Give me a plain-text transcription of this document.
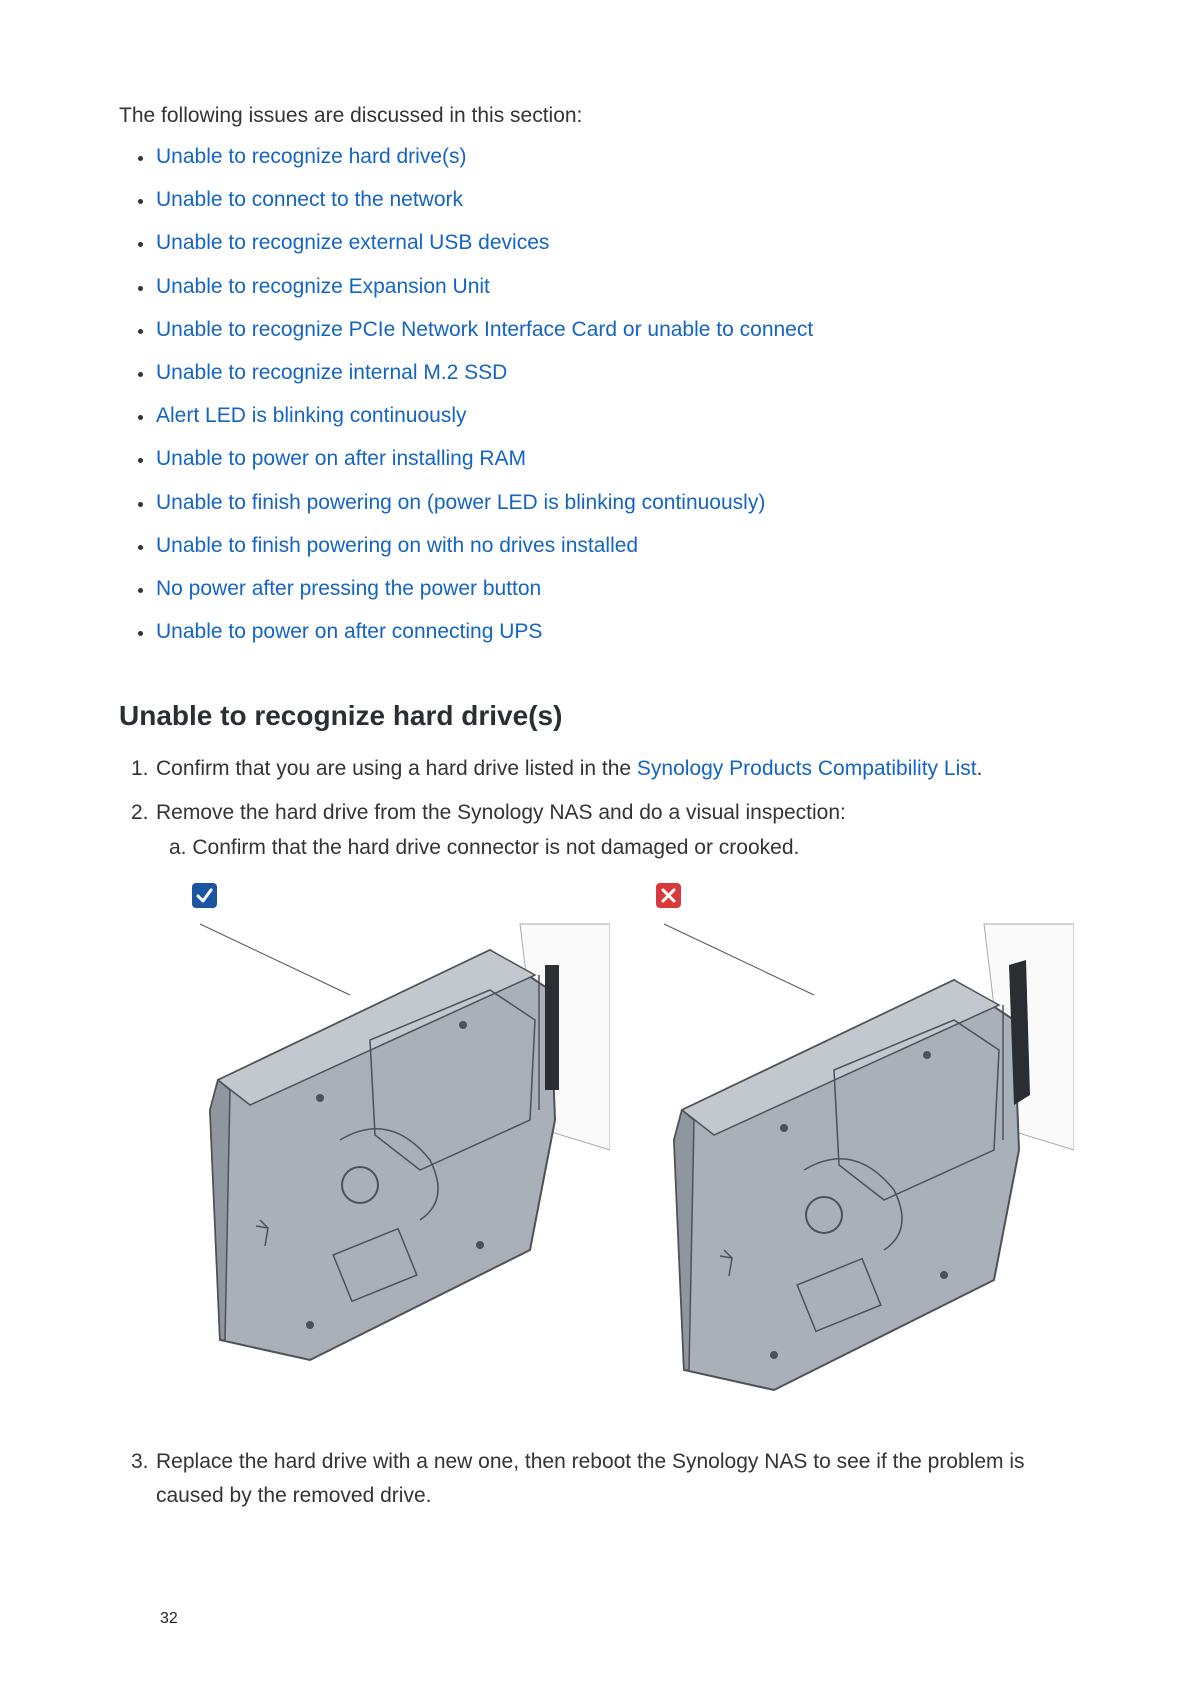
The following issues are discussed in this section:

Unable to recognize hard drive(s)
Unable to connect to the network
Unable to recognize external USB devices
Unable to recognize Expansion Unit
Unable to recognize PCIe Network Interface Card or unable to connect
Unable to recognize internal M.2 SSD
Alert LED is blinking continuously
Unable to power on after installing RAM
Unable to finish powering on (power LED is blinking continuously)
Unable to finish powering on with no drives installed
No power after pressing the power button
Unable to power on after connecting UPS
Unable to recognize hard drive(s)
1. Confirm that you are using a hard drive listed in the Synology Products Compatibility List.
2. Remove the hard drive from the Synology NAS and do a visual inspection:
a. Confirm that the hard drive connector is not damaged or crooked.
3. Replace the hard drive with a new one, then reboot the Synology NAS to see if the problem is caused by the removed drive.
32
